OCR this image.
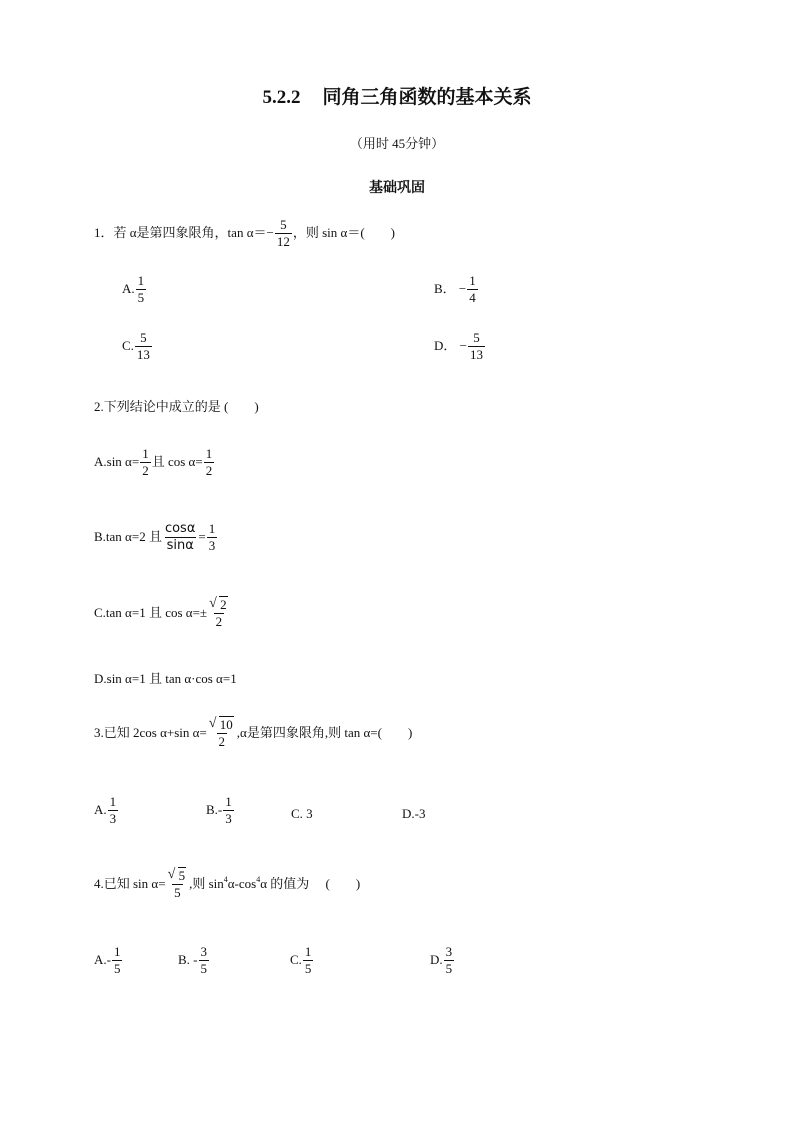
5.2.2 同角三角函数的基本关系
（用时 45分钟）
基础巩固
1．若 α是第四象限角，$\tan \alpha=- \frac{5}{12}$ ，则 sin α＝(　　)
A. $\frac{1}{5}$	B． − $\frac{1}{4}$
C. $\frac{5}{13}$	D． − $\frac{5}{13}$
2.下列结论中成立的是 (　　)
A.sin $\alpha= \frac{1}{2}$ 且 $\cos \alpha= \frac{1}{2}$
B.tan α=2 且 $\frac{\cos\alpha}{\sin\alpha} = \frac{1}{3}$
C.tan α=1 且 cos α=± √ $\frac{2}{2}$
D.sin α=1 且 tan α·cos α=1
3.已知 2cos α+sin α= √ $\frac{10}{2} ,\alpha$是第四象限角,则 tan α=(　　)
A. $\frac{1}{3}$	$B.- \frac{1}{3}$	C. 3	D.-3
4.已知 sin α= √ $\frac{5}{5}$ ,则 $\sin^4\alpha-\cos^4\alpha$ 的值为　 (　　)
$A.- \frac{1}{5}$	B. - $\frac{3}{5}$	C. $\frac{1}{5}$	D. $\frac{3}{5}$
